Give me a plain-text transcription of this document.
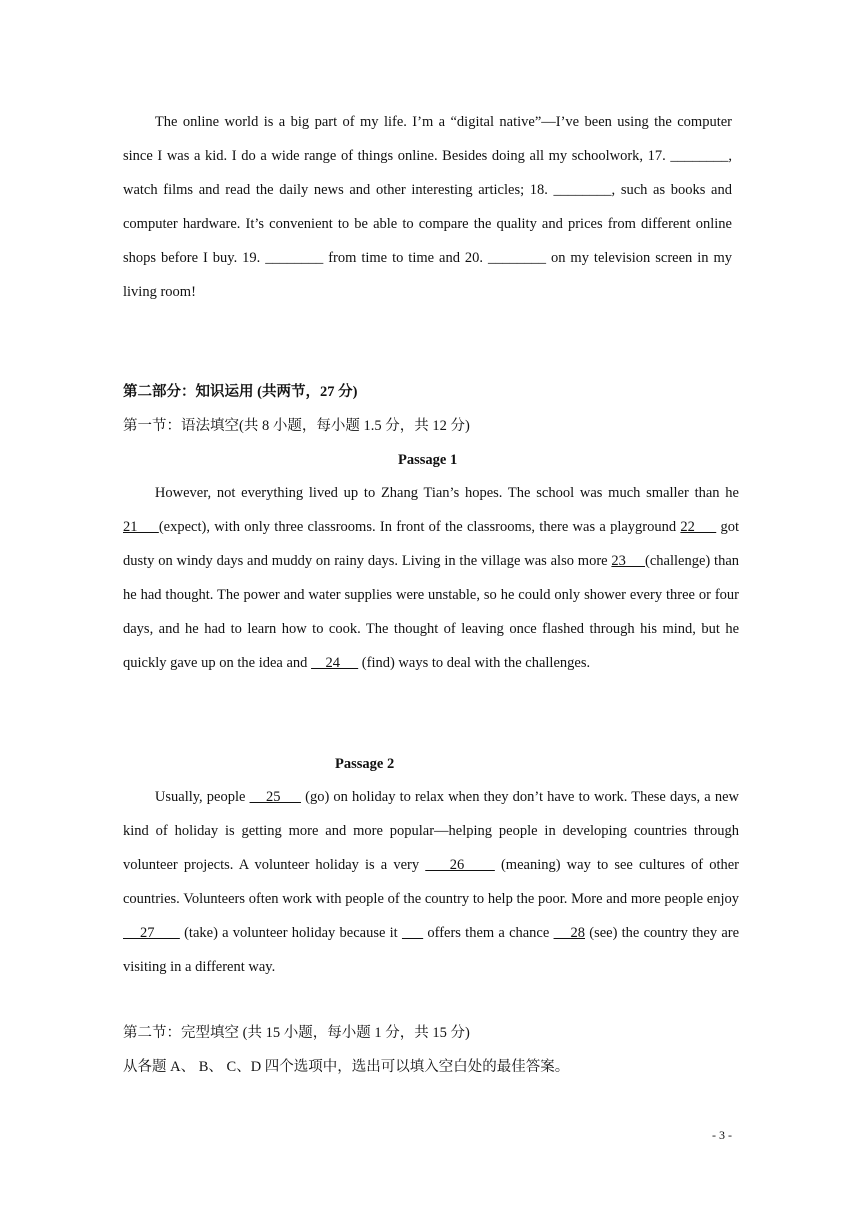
The online world is a big part of my life. I’m a “digital native”—I’ve been using the computer since I was a kid. I do a wide range of things online. Besides doing all my schoolwork, 17. ________, watch films and read the daily news and other interesting articles; 18. ________, such as books and computer hardware. It’s convenient to be able to compare the quality and prices from different online shops before I buy. 19. ________ from time to time and 20. ________ on my television screen in my living room!

第二部分：知识运用 (共两节，27 分)
第一节：语法填空(共 8 小题，每小题 1.5 分，共 12 分)
Passage 1

However, not everything lived up to Zhang Tian’s hopes. The school was much smaller than he 21     (expect), with only three classrooms. In front of the classrooms, there was a playground 22      got dusty on windy days and muddy on rainy days. Living in the village was also more 23     (challenge) than he had thought. The power and water supplies were unstable, so he could only shower every three or four days, and he had to learn how to cook. The thought of leaving once flashed through his mind, but he quickly gave up on the idea and     24      (find) ways to deal with the challenges.

Passage 2

Usually, people     25      (go) on holiday to relax when they don’t have to work. These days, a new kind of holiday is getting more and more popular—helping people in developing countries through volunteer projects. A volunteer holiday is a very     26      (meaning) way to see cultures of other countries. Volunteers often work with people of the country to help the poor. More and more people enjoy     27       (take) a volunteer holiday because it       offers them a chance     28 (see) the country they are visiting in a different way.

第二节：完型填空 (共 15 小题，每小题 1 分，共 15 分)
从各题 A、 B、 C、D 四个选项中，选出可以填入空白处的最佳答案。
- 3 -
